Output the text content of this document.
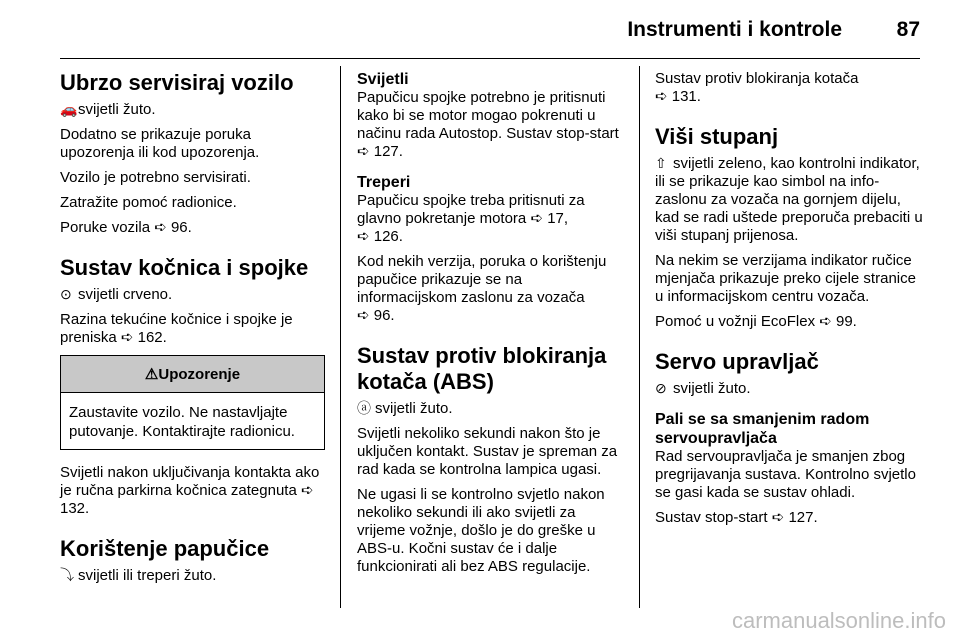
Instrumenti i kontrole	87
Ubrzo servisiraj vozilo

🚗svijetli žuto.

Dodatno se prikazuje poruka upozorenja ili kod upozorenja.

Vozilo je potrebno servisirati.

Zatražite pomoć radionice.

Poruke vozila ➪ 96.

Sustav kočnica i spojke

⊙ svijetli crveno.

Razina tekućine kočnice i spojke je preniska ➪ 162.

⚠ Upozorenje
Zaustavite vozilo. Ne nastavljajte putovanje. Kontaktirajte radionicu.

Svijetli nakon uključivanja kontakta ako je ručna parkirna kočnica zategnuta ➪ 132.

Korištenje papučice

⤵ svijetli ili treperi žuto.

Svijetli

Papučicu spojke potrebno je pritisnuti kako bi se motor mogao pokrenuti u načinu rada Autostop. Sustav stop-start ➪ 127.

Treperi

Papučicu spojke treba pritisnuti za glavno pokretanje motora ➪ 17,
➪ 126.

Kod nekih verzija, poruka o korištenju papučice prikazuje se na informacijskom zaslonu za vozača
➪ 96.

Sustav protiv blokiranja kotača (ABS)

ⓐ svijetli žuto.

Svijetli nekoliko sekundi nakon što je uključen kontakt. Sustav je spreman za rad kada se kontrolna lampica ugasi.

Ne ugasi li se kontrolno svjetlo nakon nekoliko sekundi ili ako svijetli za vrijeme vožnje, došlo je do greške u ABS-u. Kočni sustav će i dalje funkcionirati ali bez ABS regulacije.

Sustav protiv blokiranja kotača
➪ 131.

Viši stupanj

⇧ svijetli zeleno, kao kontrolni indikator, ili se prikazuje kao simbol na info-zaslonu za vozača na gornjem dijelu, kad se radi uštede preporuča prebaciti u viši stupanj prijenosa.

Na nekim se verzijama indikator ručice mjenjača prikazuje preko cijele stranice u informacijskom centru vozača.

Pomoć u vožnji EcoFlex ➪ 99.

Servo upravljač

⊘ svijetli žuto.

Pali se sa smanjenim radom servoupravljača

Rad servoupravljača je smanjen zbog pregrijavanja sustava. Kontrolno svjetlo se gasi kada se sustav ohladi.

Sustav stop-start ➪ 127.

carmanualsonline.info
